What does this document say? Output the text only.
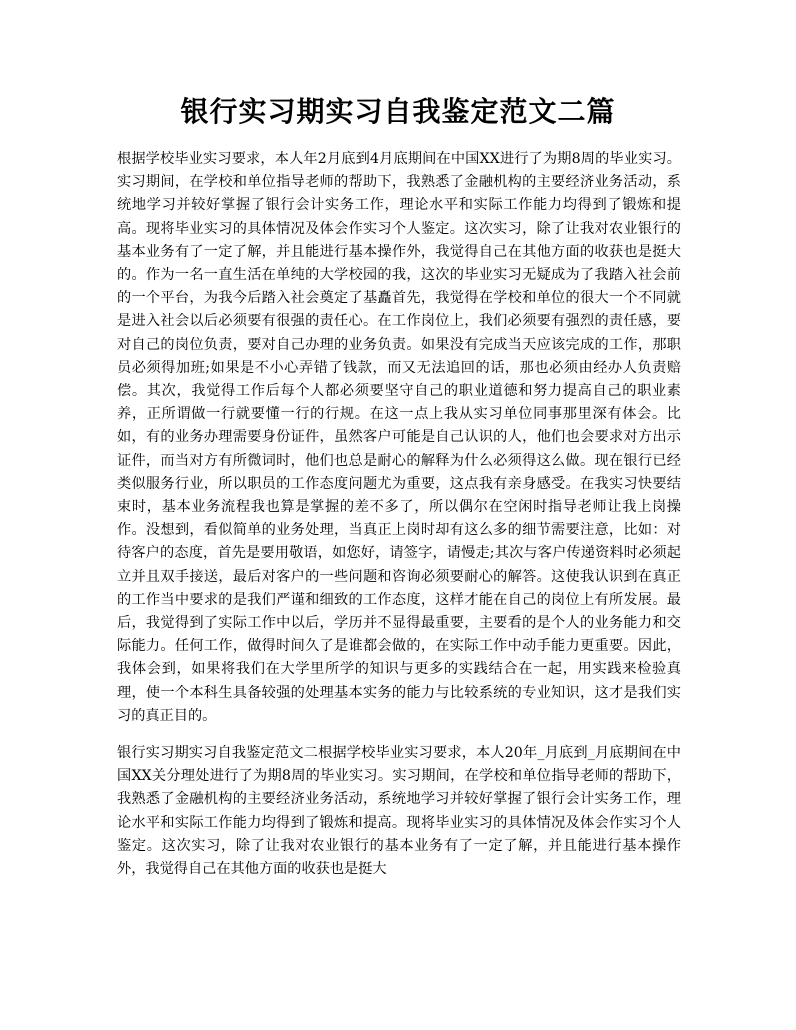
银行实习期实习自我鉴定范文二篇

根据学校毕业实习要求，本人年2月底到4月底期间在中国XX进行了为期8周的毕业实习。实习期间，在学校和单位指导老师的帮助下，我熟悉了金融机构的主要经济业务活动，系统地学习并较好掌握了银行会计实务工作，理论水平和实际工作能力均得到了锻炼和提高。现将毕业实习的具体情况及体会作实习个人鉴定。这次实习，除了让我对农业银行的基本业务有了一定了解，并且能进行基本操作外，我觉得自己在其他方面的收获也是挺大的。作为一名一直生活在单纯的大学校园的我，这次的毕业实习无疑成为了我踏入社会前的一个平台，为我今后踏入社会奠定了基矗首先，我觉得在学校和单位的很大一个不同就是进入社会以后必须要有很强的责任心。在工作岗位上，我们必须要有强烈的责任感，要对自己的岗位负责，要对自己办理的业务负责。如果没有完成当天应该完成的工作，那职员必须得加班;如果是不小心弄错了钱款，而又无法追回的话，那也必须由经办人负责赔偿。其次，我觉得工作后每个人都必须要坚守自己的职业道德和努力提高自己的职业素养，正所谓做一行就要懂一行的行规。在这一点上我从实习单位同事那里深有体会。比如，有的业务办理需要身份证件，虽然客户可能是自己认识的人，他们也会要求对方出示证件，而当对方有所微词时，他们也总是耐心的解释为什么必须得这么做。现在银行已经类似服务行业，所以职员的工作态度问题尤为重要，这点我有亲身感受。在我实习快要结束时，基本业务流程我也算是掌握的差不多了，所以偶尔在空闲时指导老师让我上岗操作。没想到，看似简单的业务处理，当真正上岗时却有这么多的细节需要注意，比如：对待客户的态度，首先是要用敬语，如您好，请签字，请慢走;其次与客户传递资料时必须起立并且双手接送，最后对客户的一些问题和咨询必须要耐心的解答。这使我认识到在真正的工作当中要求的是我们严谨和细致的工作态度，这样才能在自己的岗位上有所发展。最后，我觉得到了实际工作中以后，学历并不显得最重要，主要看的是个人的业务能力和交际能力。任何工作，做得时间久了是谁都会做的，在实际工作中动手能力更重要。因此，我体会到，如果将我们在大学里所学的知识与更多的实践结合在一起，用实践来检验真理，使一个本科生具备较强的处理基本实务的能力与比较系统的专业知识，这才是我们实习的真正目的。

银行实习期实习自我鉴定范文二根据学校毕业实习要求，本人20年_月底到_月底期间在中国XX关分理处进行了为期8周的毕业实习。实习期间，在学校和单位指导老师的帮助下，我熟悉了金融机构的主要经济业务活动，系统地学习并较好掌握了银行会计实务工作，理论水平和实际工作能力均得到了锻炼和提高。现将毕业实习的具体情况及体会作实习个人鉴定。这次实习，除了让我对农业银行的基本业务有了一定了解，并且能进行基本操作外，我觉得自己在其他方面的收获也是挺大
